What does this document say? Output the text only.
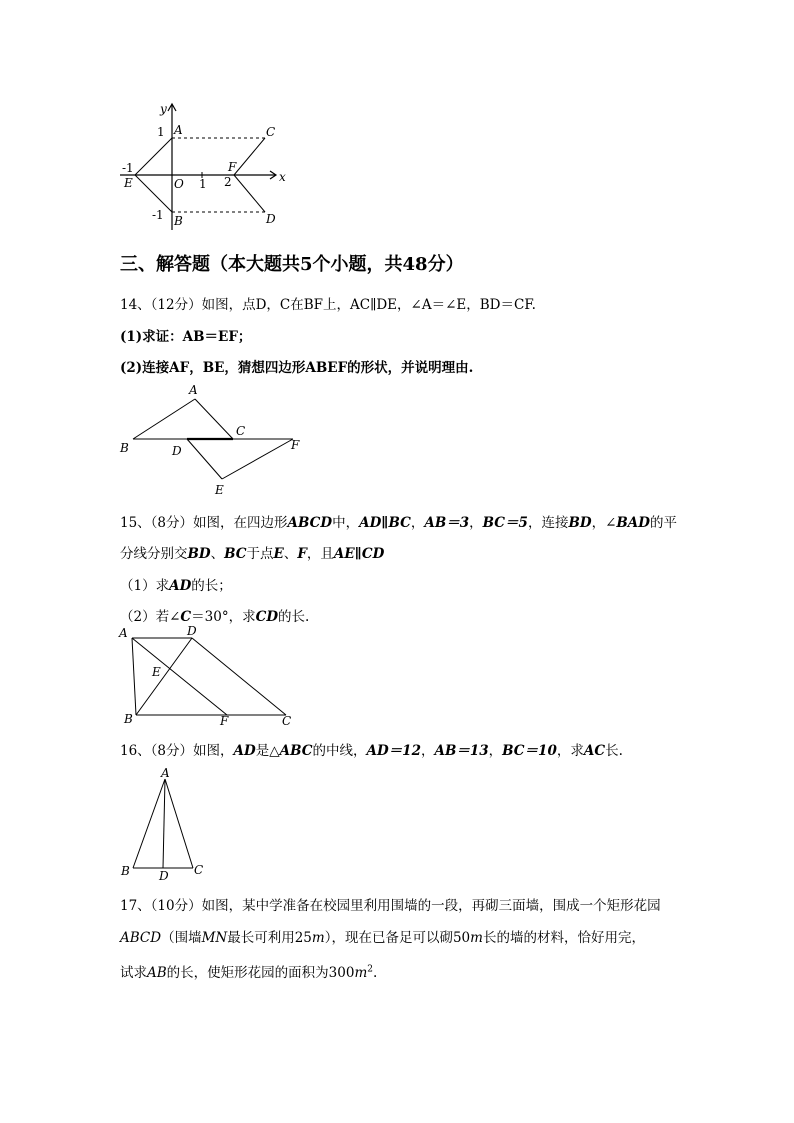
y
x
1 A	C
-1	F
E	O 1 2
-1 B	D
三、解答题（本大题共5个小题，共48分）
14、（12分）如图，点D，C在BF上，AC∥DE，∠A＝∠E，BD＝CF.
(1)求证：AB＝EF；
(2)连接AF，BE，猜想四边形ABEF的形状，并说明理由.
A
B
C
D
E
F
15、（8分）如图，在四边形ABCD中，AD∥BC，AB＝3，BC＝5，连接BD，∠BAD的平
分线分别交BD、BC于点E、F，且AE∥CD
（1）求AD的长；
（2）若∠C＝30°，求CD的长.
A	D
E
B	F	C
16、（8分）如图，AD是△ABC的中线，AD＝12，AB＝13，BC＝10，求AC长.
A
B D C
17、（10分）如图，某中学准备在校园里利用围墙的一段，再砌三面墙，围成一个矩形花园
ABCD（围墙MN最长可利用25m），现在已备足可以砌50m长的墙的材料，恰好用完，
试求AB的长，使矩形花园的面积为$300m^2$.
